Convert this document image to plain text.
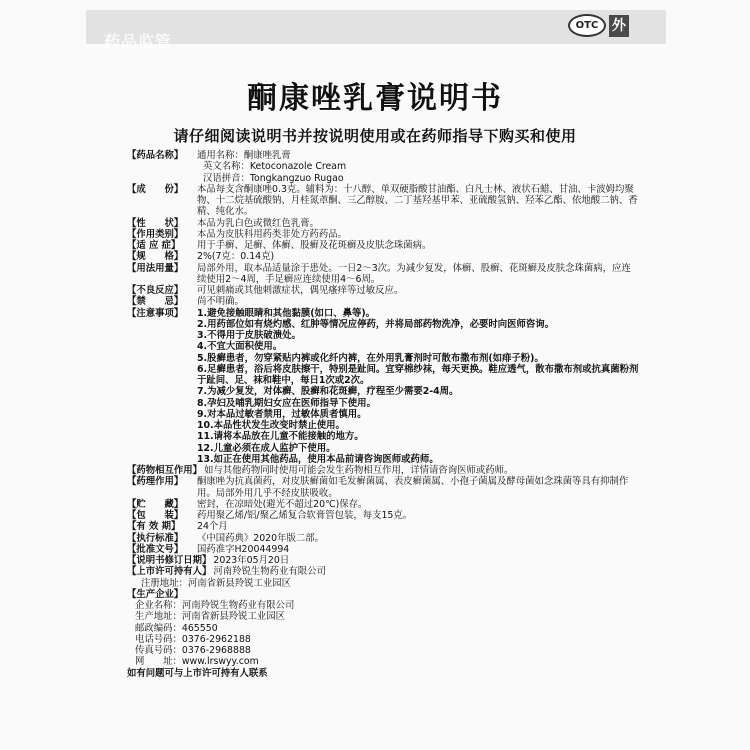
药品监管
OTC 外
酮康唑乳膏说明书
请仔细阅读说明书并按说明使用或在药师指导下购买和使用
【药品名称】	通用名称：酮康唑乳膏
英文名称：Ketoconazole Cream
汉语拼音：Tongkangzuo Rugao
【成　　份】	本品每支含酮康唑0.3克。辅料为：十八醇、单双硬脂酸甘油酯、白凡士林、液状石蜡、甘油、卡波姆均聚物、十二烷基硫酸钠、月桂氮䓬酮、三乙醇胺、二丁基羟基甲苯、亚硫酸氢钠、羟苯乙酯、依地酸二钠、香精、纯化水。
【性　　状】	本品为乳白色或微红色乳膏。
【作用类别】	本品为皮肤科用药类非处方药药品。
【适 应 症】	用于手癣、足癣、体癣、股癣及花斑癣及皮肤念珠菌病。
【规　　格】	2%(7克：0.14克)
【用法用量】	局部外用，取本品适量涂于患处。一日2～3次。为减少复发，体癣、股癣、花斑癣及皮肤念珠菌病，应连续使用2～4周，手足癣应连续使用4～6周。
【不良反应】	可见刺痛或其他刺激症状，偶见瘙痒等过敏反应。
【禁　　忌】	尚不明确。
【注意事项】	1.避免接触眼睛和其他黏膜(如口、鼻等)。
2.用药部位如有烧灼感、红肿等情况应停药，并将局部药物洗净，必要时向医师咨询。
3.不得用于皮肤破溃处。
4.不宜大面积使用。
5.股癣患者，勿穿紧贴内裤或化纤内裤，在外用乳膏剂时可散布撒布剂(如痱子粉)。
6.足癣患者，浴后将皮肤擦干，特别是趾间。宜穿棉纱袜，每天更换。鞋应透气，散布撒布剂或抗真菌粉剂于趾间、足、袜和鞋中，每日1次或2次。
7.为减少复发，对体癣、股癣和花斑癣，疗程至少需要2-4周。
8.孕妇及哺乳期妇女应在医师指导下使用。
9.对本品过敏者禁用，过敏体质者慎用。
10.本品性状发生改变时禁止使用。
11.请将本品放在儿童不能接触的地方。
12.儿童必须在成人监护下使用。
13.如正在使用其他药品，使用本品前请咨询医师或药师。
【药物相互作用】 如与其他药物同时使用可能会发生药物相互作用，详情请咨询医师或药师。
【药理作用】	酮康唑为抗真菌药，对皮肤癣菌如毛发癣菌属、表皮癣菌属、小孢子菌属及酵母菌如念珠菌等具有抑制作用。局部外用几乎不经皮肤吸收。
【贮　　藏】	密封，在凉暗处(避光不超过20℃)保存。
【包　　装】	药用聚乙烯/铝/聚乙烯复合软膏管包装，每支15克。
【有 效 期】	24个月
【执行标准】	《中国药典》2020年版二部。
【批准文号】	国药准字H20044994
【说明书修订日期】 2023年05月20日
【上市许可持有人】 河南羚锐生物药业有限公司
注册地址：河南省新县羚锐工业园区
【生产企业】
企业名称：河南羚锐生物药业有限公司
生产地址：河南省新县羚锐工业园区
邮政编码：465550
电话号码：0376-2962188
传真号码：0376-2968888
网　　址：www.lrswyy.com
如有问题可与上市许可持有人联系
